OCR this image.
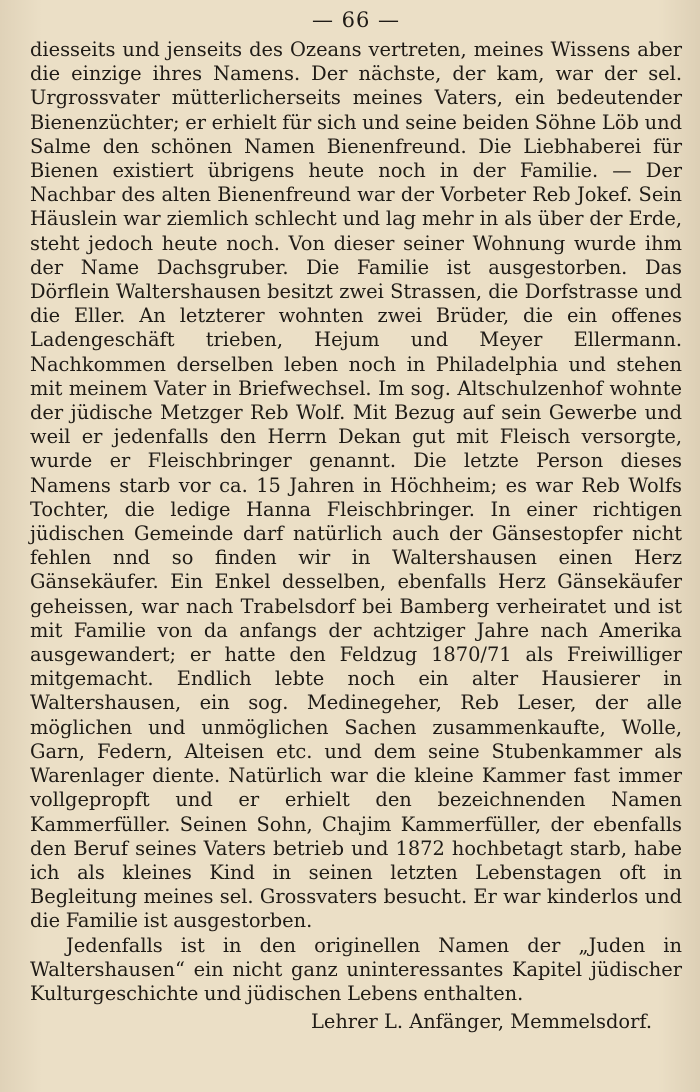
— 66 —

diesseits und jenseits des Ozeans vertreten, meines Wissens aber die einzige ihres Namens. Der nächste, der kam, war der sel. Urgrossvater mütterlicherseits meines Vaters, ein bedeutender Bienenzüchter; er erhielt für sich und seine beiden Söhne Löb und Salme den schönen Namen Bienenfreund. Die Liebhaberei für Bienen existiert übrigens heute noch in der Familie. — Der Nachbar des alten Bienenfreund war der Vorbeter Reb Jokef. Sein Häuslein war ziemlich schlecht und lag mehr in als über der Erde, steht jedoch heute noch. Von dieser seiner Wohnung wurde ihm der Name Dachsgruber. Die Familie ist ausgestorben. Das Dörflein Waltershausen besitzt zwei Strassen, die Dorfstrasse und die Eller. An letzterer wohnten zwei Brüder, die ein offenes Ladengeschäft trieben, Hejum und Meyer Ellermann. Nachkommen derselben leben noch in Philadelphia und stehen mit meinem Vater in Briefwechsel. Im sog. Altschulzenhof wohnte der jüdische Metzger Reb Wolf. Mit Bezug auf sein Gewerbe und weil er jedenfalls den Herrn Dekan gut mit Fleisch versorgte, wurde er Fleischbringer genannt. Die letzte Person dieses Namens starb vor ca. 15 Jahren in Höchheim; es war Reb Wolfs Tochter, die ledige Hanna Fleischbringer. In einer richtigen jüdischen Gemeinde darf natürlich auch der Gänsestopfer nicht fehlen nnd so finden wir in Waltershausen einen Herz Gänsekäufer. Ein Enkel desselben, ebenfalls Herz Gänsekäufer geheissen, war nach Trabelsdorf bei Bamberg verheiratet und ist mit Familie von da anfangs der achtziger Jahre nach Amerika ausgewandert; er hatte den Feldzug 1870/71 als Freiwilliger mitgemacht. Endlich lebte noch ein alter Hausierer in Waltershausen, ein sog. Medinegeher, Reb Leser, der alle möglichen und unmöglichen Sachen zusammenkaufte, Wolle, Garn, Federn, Alteisen etc. und dem seine Stubenkammer als Warenlager diente. Natürlich war die kleine Kammer fast immer vollgepropft und er erhielt den bezeichnenden Namen Kammerfüller. Seinen Sohn, Chajim Kammerfüller, der ebenfalls den Beruf seines Vaters betrieb und 1872 hochbetagt starb, habe ich als kleines Kind in seinen letzten Lebenstagen oft in Begleitung meines sel. Grossvaters besucht. Er war kinderlos und die Familie ist ausgestorben.

Jedenfalls ist in den originellen Namen der „Juden in Waltershausen“ ein nicht ganz uninteressantes Kapitel jüdischer Kulturgeschichte und jüdischen Lebens enthalten.

Lehrer L. Anfänger, Memmelsdorf.
